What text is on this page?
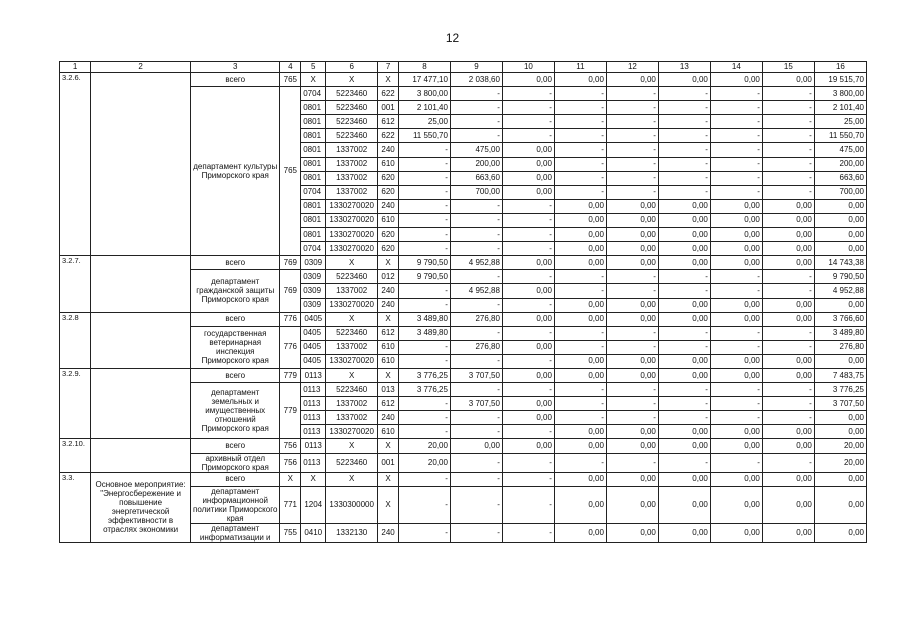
12
1	2	3	4	5	6	7	8	9	10	11	12	13	14	15	16
3.2.6.		всего	765	Х	Х	Х	17 477,10	2 038,60	0,00	0,00	0,00	0,00	0,00	0,00	19 515,70
		департамент культуры Приморского края	765	0704	5223460	622	3 800,00	-	-	-	-	-	-	-	3 800,00
				0801	5223460	001	2 101,40	-	-	-	-	-	-	-	2 101,40
				0801	5223460	612	25,00	-	-	-	-	-	-	-	25,00
				0801	5223460	622	11 550,70	-	-	-	-	-	-	-	11 550,70
				0801	1337002	240	-	475,00	0,00	-	-	-	-	-	475,00
				0801	1337002	610	-	200,00	0,00	-	-	-	-	-	200,00
				0801	1337002	620	-	663,60	0,00	-	-	-	-	-	663,60
				0704	1337002	620	-	700,00	0,00	-	-	-	-	-	700,00
				0801	1330270020	240	-	-	-	0,00	0,00	0,00	0,00	0,00	0,00
				0801	1330270020	610	-	-	-	0,00	0,00	0,00	0,00	0,00	0,00
				0801	1330270020	620	-	-	-	0,00	0,00	0,00	0,00	0,00	0,00
				0704	1330270020	620	-	-	-	0,00	0,00	0,00	0,00	0,00	0,00
3.2.7.		всего	769	0309	Х	Х	9 790,50	4 952,88	0,00	0,00	0,00	0,00	0,00	0,00	14 743,38
		департамент гражданской защиты Приморского края	769	0309	5223460	012	9 790,50	-	-	-	-	-	-	-	9 790,50
				0309	1337002	240	-	4 952,88	0,00	-	-	-	-	-	4 952,88
				0309	1330270020	240	-	-	-	0,00	0,00	0,00	0,00	0,00	0,00
3.2.8		всего	776	0405	Х	Х	3 489,80	276,80	0,00	0,00	0,00	0,00	0,00	0,00	3 766,60
		государственная ветеринарная инспекция Приморского края	776	0405	5223460	612	3 489,80	-	-	-	-	-	-	-	3 489,80
				0405	1337002	610	-	276,80	0,00	-	-	-	-	-	276,80
				0405	1330270020	610	-	-	-	0,00	0,00	0,00	0,00	0,00	0,00
3.2.9.		всего	779	0113	Х	Х	3 776,25	3 707,50	0,00	0,00	0,00	0,00	0,00	0,00	7 483,75
		департамент земельных и имущественных отношений Приморского края	779	0113	5223460	013	3 776,25	-	-	-	-	-	-	-	3 776,25
				0113	1337002	612	-	3 707,50	0,00	-	-	-	-	-	3 707,50
				0113	1337002	240	-	-	0,00	-	-	-	-	-	0,00
				0113	1330270020	610	-	-	-	0,00	0,00	0,00	0,00	0,00	0,00
3.2.10.		всего	756	0113	Х	Х	20,00	0,00	0,00	0,00	0,00	0,00	0,00	0,00	20,00
		архивный отдел Приморского края	756	0113	5223460	001	20,00	-	-	-	-	-	-	-	20,00
3.3.	Основное мероприятие: "Энергосбережение и повышение энергетической эффективности в отраслях экономики	всего	Х	Х	Х	Х	-	-	-	0,00	0,00	0,00	0,00	0,00	0,00
		департамент информационной политики Приморского края	771	1204	1330300000	Х	-	-	-	0,00	0,00	0,00	0,00	0,00	0,00
		департамент информатизации и	755	0410	1332130	240	-	-	-	0,00	0,00	0,00	0,00	0,00	0,00
